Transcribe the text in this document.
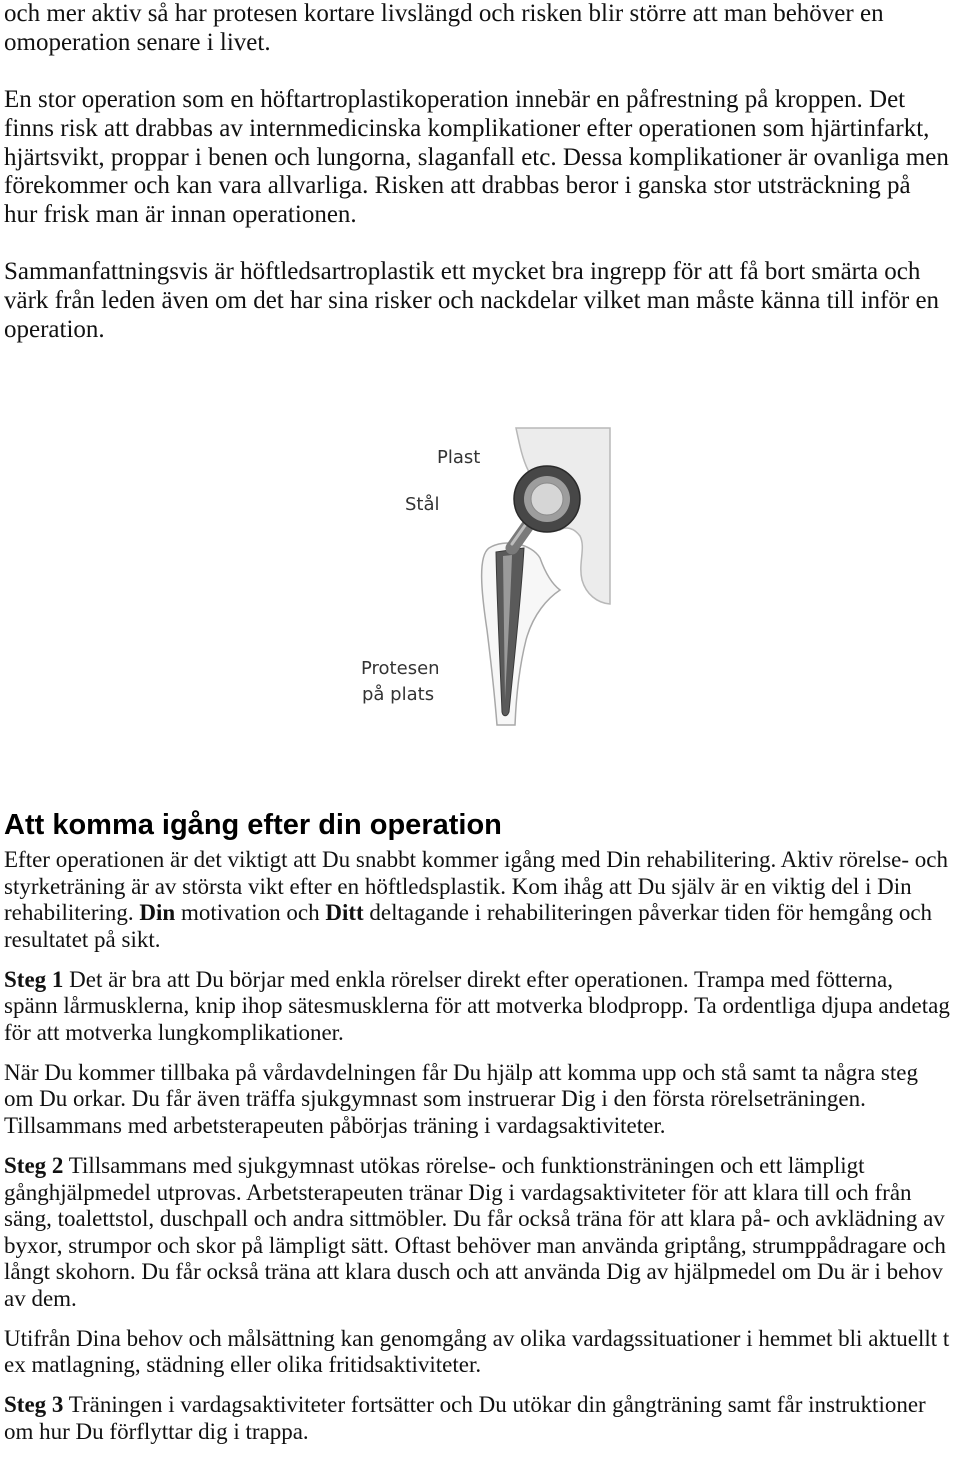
och mer aktiv så har protesen kortare livslängd och risken blir större att man behöver en
omoperation senare i livet.
En stor operation som en höftartroplastikoperation innebär en påfrestning på kroppen. Det
finns risk att drabbas av internmedicinska komplikationer efter operationen som hjärtinfarkt,
hjärtsvikt, proppar i benen och lungorna, slaganfall etc. Dessa komplikationer är ovanliga men
förekommer och kan vara allvarliga. Risken att drabbas beror i ganska stor utsträckning på
hur frisk man är innan operationen.
Sammanfattningsvis är höftledsartroplastik ett mycket bra ingrepp för att få bort smärta och
värk från leden även om det har sina risker och nackdelar vilket man måste känna till inför en
operation.
Plast
Stål
Protesen
på plats
Att komma igång efter din operation
Efter operationen är det viktigt att Du snabbt kommer igång med Din rehabilitering. Aktiv rörelse- och
styrketräning är av största vikt efter en höftledsplastik. Kom ihåg att Du själv är en viktig del i Din
rehabilitering. Din motivation och Ditt deltagande i rehabiliteringen påverkar tiden för hemgång och
resultatet på sikt.
Steg 1 Det är bra att Du börjar med enkla rörelser direkt efter operationen. Trampa med fötterna,
spänn lårmusklerna, knip ihop sätesmusklerna för att motverka blodpropp. Ta ordentliga djupa andetag
för att motverka lungkomplikationer.
När Du kommer tillbaka på vårdavdelningen får Du hjälp att komma upp och stå samt ta några steg
om Du orkar. Du får även träffa sjukgymnast som instruerar Dig i den första rörelseträningen.
Tillsammans med arbetsterapeuten påbörjas träning i vardagsaktiviteter.
Steg 2 Tillsammans med sjukgymnast utökas rörelse- och funktionsträningen och ett lämpligt
gånghjälpmedel utprovas. Arbetsterapeuten tränar Dig i vardagsaktiviteter för att klara till och från
säng, toalettstol, duschpall och andra sittmöbler. Du får också träna för att klara på- och avklädning av
byxor, strumpor och skor på lämpligt sätt. Oftast behöver man använda griptång, strumppådragare och
långt skohorn. Du får också träna att klara dusch och att använda Dig av hjälpmedel om Du är i behov
av dem.
Utifrån Dina behov och målsättning kan genomgång av olika vardagssituationer i hemmet bli aktuellt t
ex matlagning, städning eller olika fritidsaktiviteter.
Steg 3 Träningen i vardagsaktiviteter fortsätter och Du utökar din gångträning samt får instruktioner
om hur Du förflyttar dig i trappa.
